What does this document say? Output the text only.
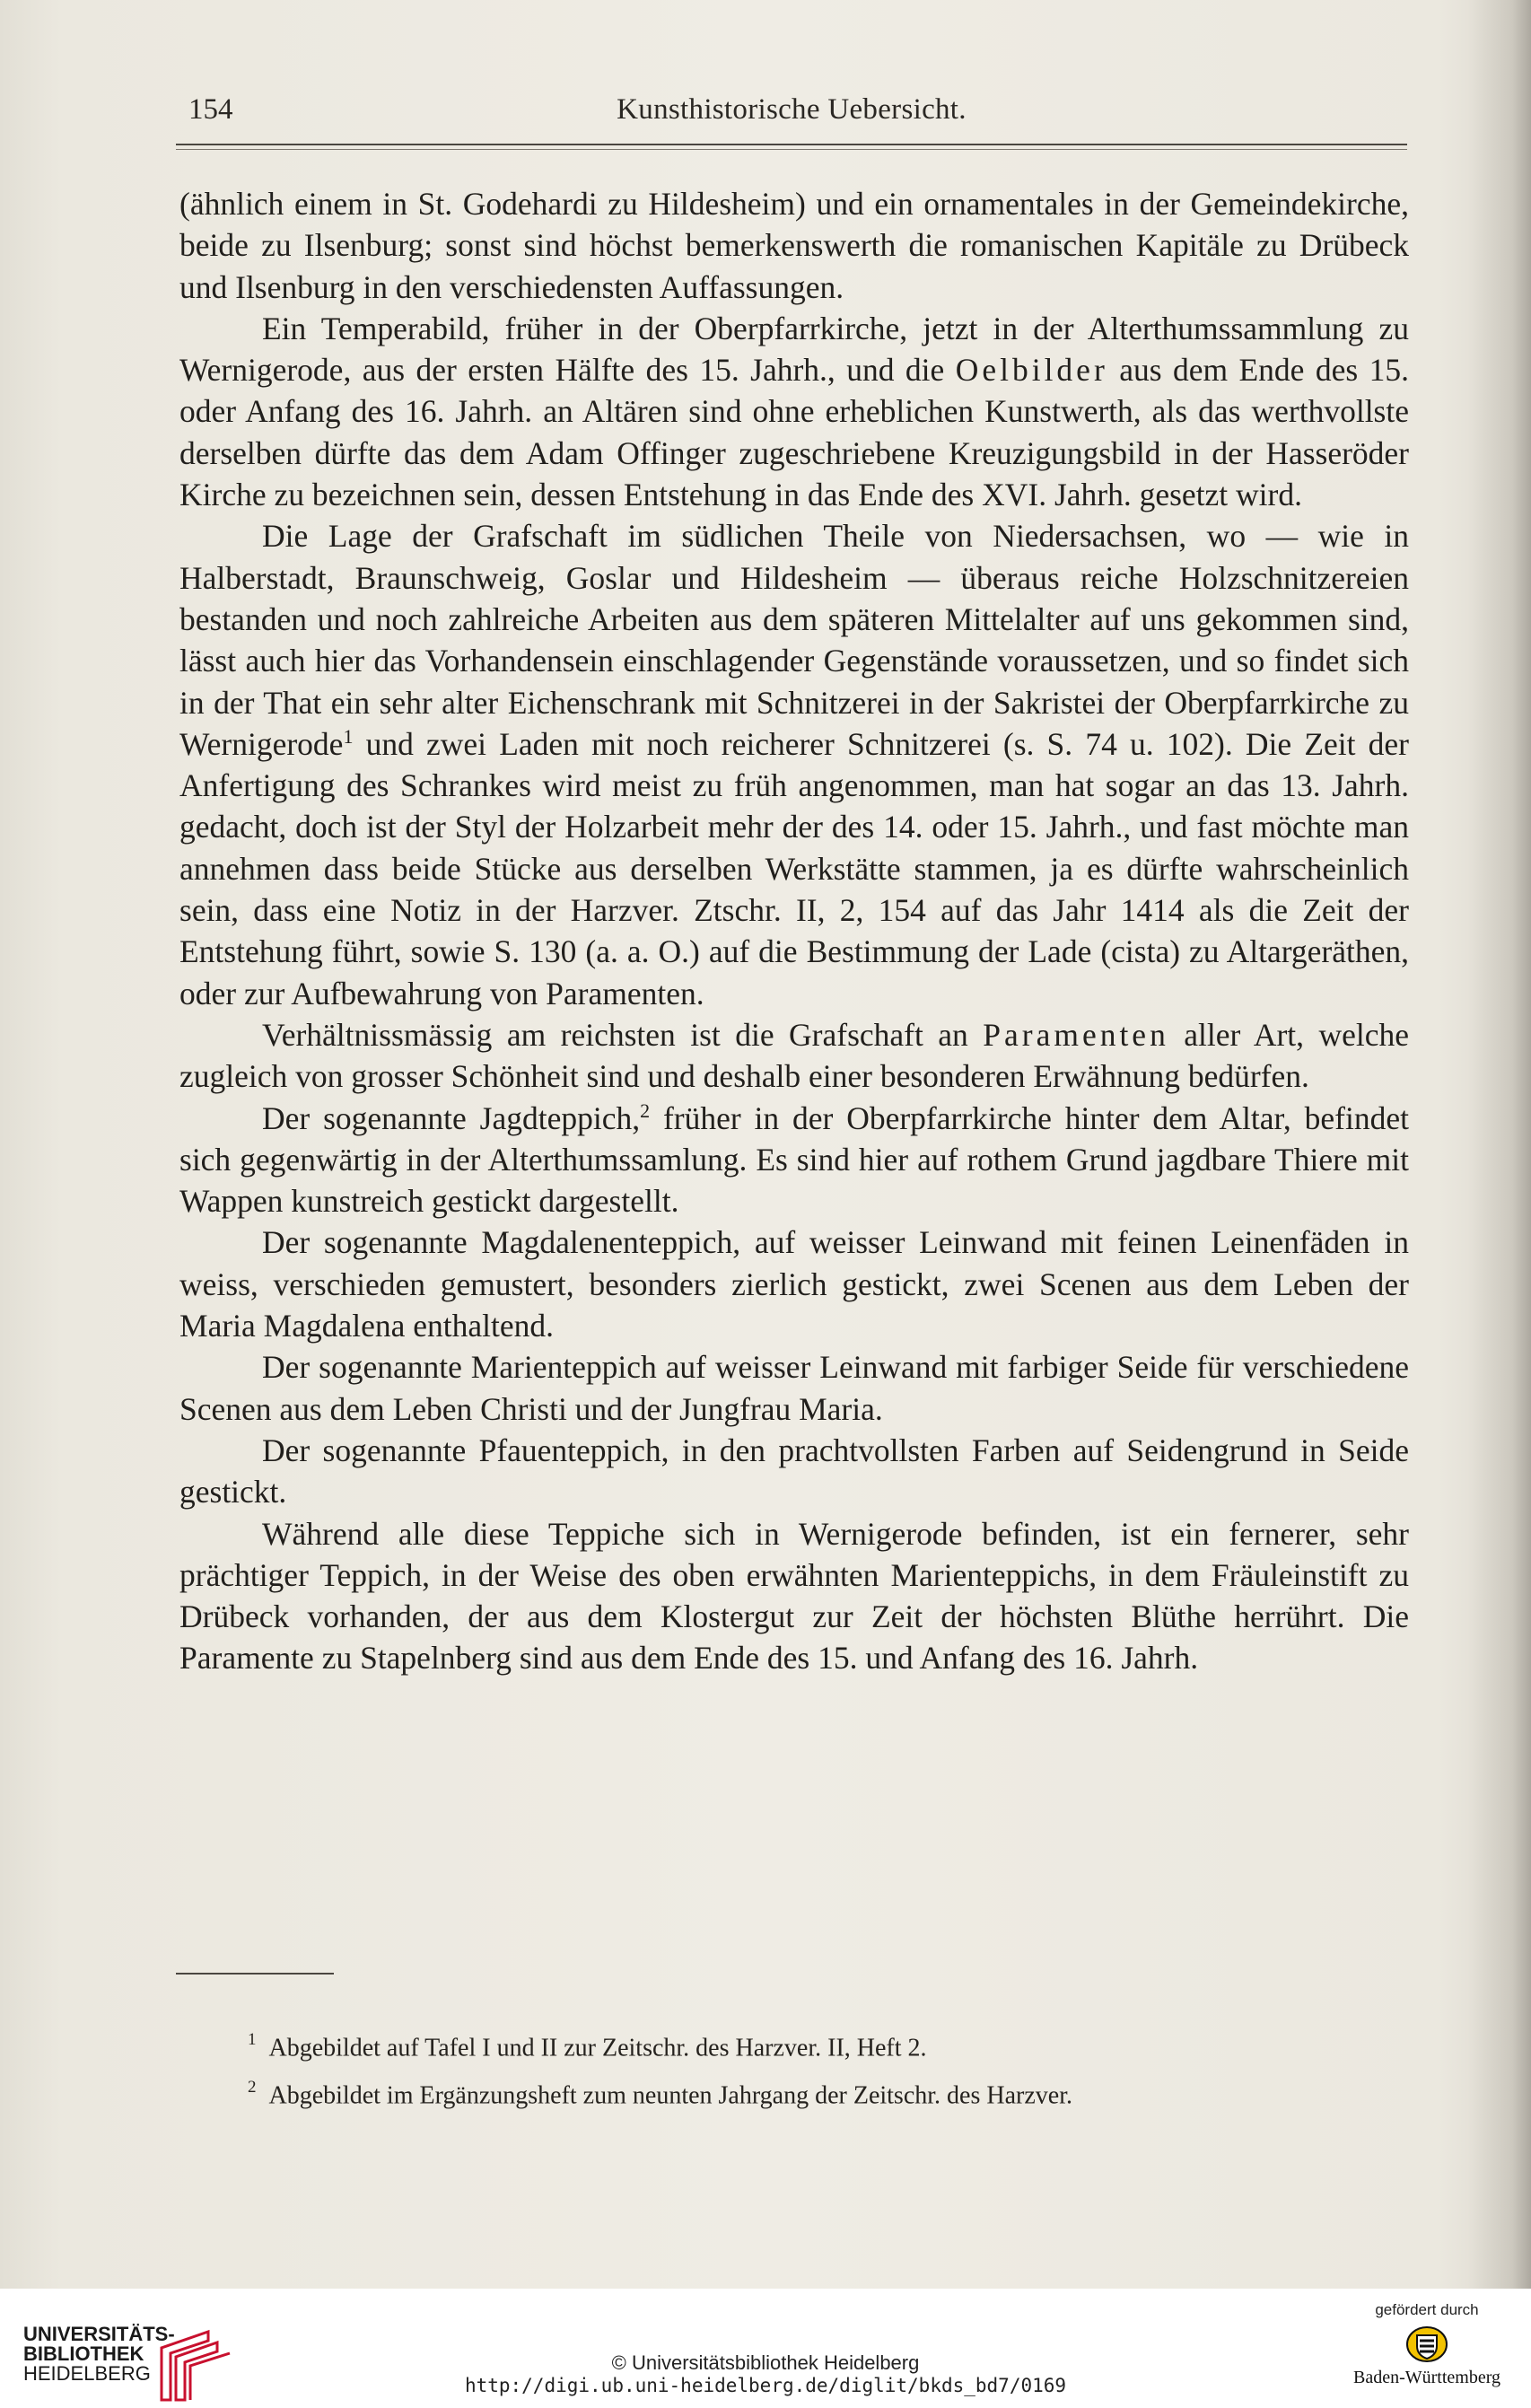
154	Kunsthistorische Uebersicht.

(ähnlich einem in St. Godehardi zu Hildesheim) und ein ornamentales in der Gemeindekirche, beide zu Ilsenburg; sonst sind höchst bemerkenswerth die romanischen Kapitäle zu Drübeck und Ilsenburg in den verschiedensten Auffassungen.

Ein Temperabild, früher in der Oberpfarrkirche, jetzt in der Alterthumssammlung zu Wernigerode, aus der ersten Hälfte des 15. Jahrh., und die Oelbilder aus dem Ende des 15. oder Anfang des 16. Jahrh. an Altären sind ohne erheblichen Kunstwerth, als das werthvollste derselben dürfte das dem Adam Offinger zugeschriebene Kreuzigungsbild in der Hasseröder Kirche zu bezeichnen sein, dessen Entstehung in das Ende des XVI. Jahrh. gesetzt wird.

Die Lage der Grafschaft im südlichen Theile von Niedersachsen, wo — wie in Halberstadt, Braunschweig, Goslar und Hildesheim — überaus reiche Holzschnitzereien bestanden und noch zahlreiche Arbeiten aus dem späteren Mittelalter auf uns gekommen sind, lässt auch hier das Vorhandensein einschlagender Gegenstände voraussetzen, und so findet sich in der That ein sehr alter Eichenschrank mit Schnitzerei in der Sakristei der Oberpfarrkirche zu Wernigerode$^1$ und zwei Laden mit noch reicherer Schnitzerei (s. S. 74 u. 102). Die Zeit der Anfertigung des Schrankes wird meist zu früh angenommen, man hat sogar an das 13. Jahrh. gedacht, doch ist der Styl der Holzarbeit mehr der des 14. oder 15. Jahrh., und fast möchte man annehmen dass beide Stücke aus derselben Werkstätte stammen, ja es dürfte wahrscheinlich sein, dass eine Notiz in der Harzver. Ztschr. II, 2, 154 auf das Jahr 1414 als die Zeit der Entstehung führt, sowie S. 130 (a. a. O.) auf die Bestimmung der Lade (cista) zu Altargeräthen, oder zur Aufbewahrung von Paramenten.

Verhältnissmässig am reichsten ist die Grafschaft an Paramenten aller Art, welche zugleich von grosser Schönheit sind und deshalb einer besonderen Erwähnung bedürfen.

Der sogenannte Jagdteppich,$^2$ früher in der Oberpfarrkirche hinter dem Altar, befindet sich gegenwärtig in der Alterthumssamlung. Es sind hier auf rothem Grund jagdbare Thiere mit Wappen kunstreich gestickt dargestellt.

Der sogenannte Magdalenenteppich, auf weisser Leinwand mit feinen Leinenfäden in weiss, verschieden gemustert, besonders zierlich gestickt, zwei Scenen aus dem Leben der Maria Magdalena enthaltend.

Der sogenannte Marienteppich auf weisser Leinwand mit farbiger Seide für verschiedene Scenen aus dem Leben Christi und der Jungfrau Maria.

Der sogenannte Pfauenteppich, in den prachtvollsten Farben auf Seidengrund in Seide gestickt.

Während alle diese Teppiche sich in Wernigerode befinden, ist ein fernerer, sehr prächtiger Teppich, in der Weise des oben erwähnten Marienteppichs, in dem Fräuleinstift zu Drübeck vorhanden, der aus dem Klostergut zur Zeit der höchsten Blüthe herrührt. Die Paramente zu Stapelnberg sind aus dem Ende des 15. und Anfang des 16. Jahrh.

$^1$ Abgebildet auf Tafel I und II zur Zeitschr. des Harzver. II, Heft 2.
$^2$ Abgebildet im Ergänzungsheft zum neunten Jahrgang der Zeitschr. des Harzver.
UNIVERSITÄTS-
BIBLIOTHEK
HEIDELBERG	© Universitätsbibliothek Heidelberg
http://digi.ub.uni-heidelberg.de/diglit/bkds_bd7/0169
gefördert durch
Baden-Württemberg
